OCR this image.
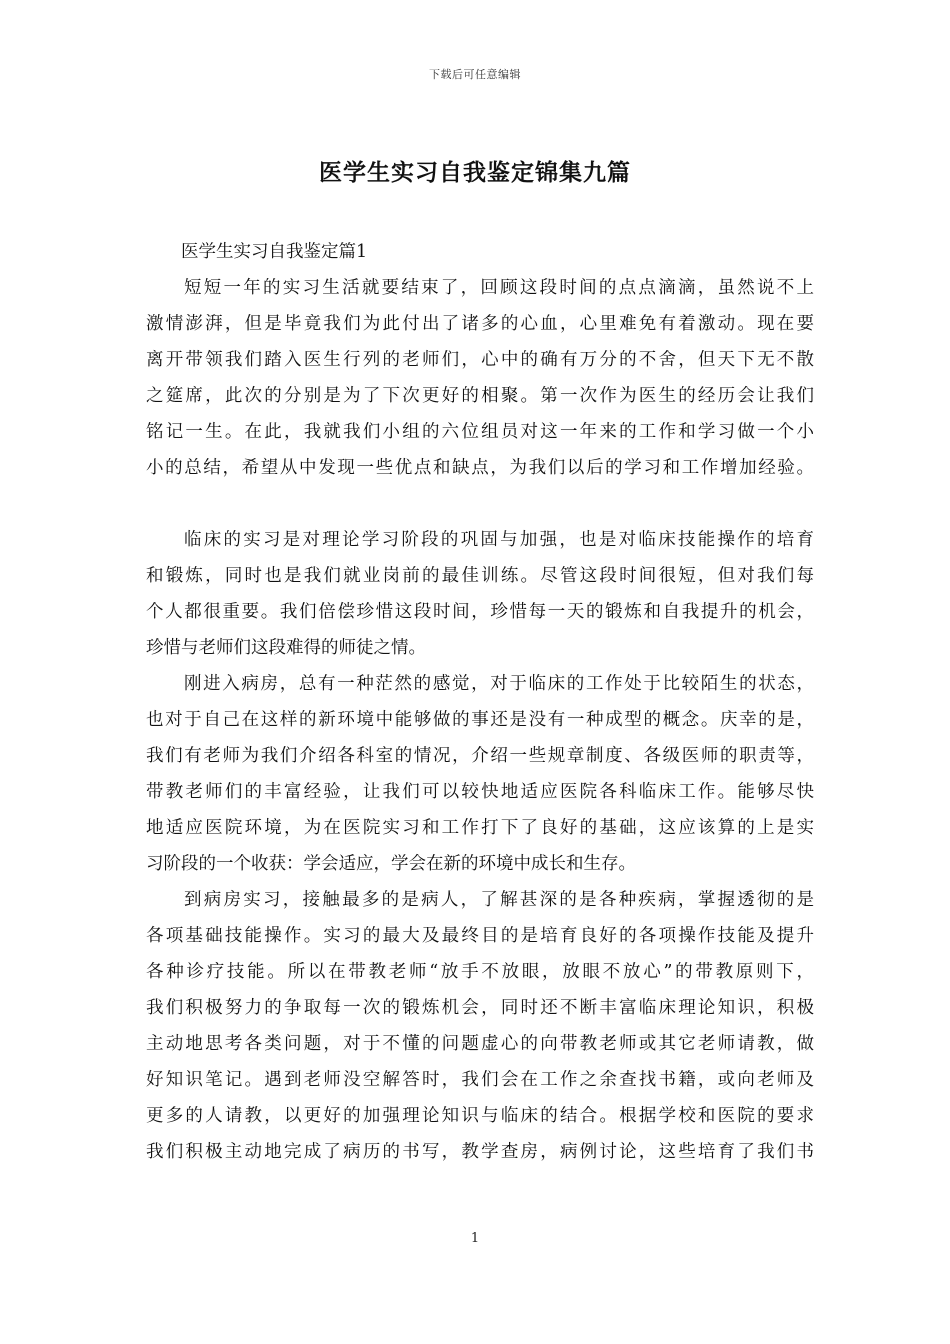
下载后可任意编辑
医学生实习自我鉴定锦集九篇

医学生实习自我鉴定篇1

短短一年的实习生活就要结束了，回顾这段时间的点点滴滴，虽然说不上

激情澎湃，但是毕竟我们为此付出了诸多的心血，心里难免有着激动。现在要

离开带领我们踏入医生行列的老师们，心中的确有万分的不舍，但天下无不散

之筵席，此次的分别是为了下次更好的相聚。第一次作为医生的经历会让我们

铭记一生。在此，我就我们小组的六位组员对这一年来的工作和学习做一个小

小的总结，希望从中发现一些优点和缺点，为我们以后的学习和工作增加经验。

临床的实习是对理论学习阶段的巩固与加强，也是对临床技能操作的培育

和锻炼，同时也是我们就业岗前的最佳训练。尽管这段时间很短，但对我们每

个人都很重要。我们倍偿珍惜这段时间，珍惜每一天的锻炼和自我提升的机会，

珍惜与老师们这段难得的师徒之情。

刚进入病房，总有一种茫然的感觉，对于临床的工作处于比较陌生的状态，

也对于自己在这样的新环境中能够做的事还是没有一种成型的概念。庆幸的是，

我们有老师为我们介绍各科室的情况，介绍一些规章制度、各级医师的职责等，

带教老师们的丰富经验，让我们可以较快地适应医院各科临床工作。能够尽快

地适应医院环境，为在医院实习和工作打下了良好的基础，这应该算的上是实

习阶段的一个收获：学会适应，学会在新的环境中成长和生存。

到病房实习，接触最多的是病人，了解甚深的是各种疾病，掌握透彻的是

各项基础技能操作。实习的最大及最终目的是培育良好的各项操作技能及提升

各种诊疗技能。所以在带教老师“放手不放眼，放眼不放心”的带教原则下，

我们积极努力的争取每一次的锻炼机会，同时还不断丰富临床理论知识，积极

主动地思考各类问题，对于不懂的问题虚心的向带教老师或其它老师请教，做

好知识笔记。遇到老师没空解答时，我们会在工作之余查找书籍，或向老师及

更多的人请教，以更好的加强理论知识与临床的结合。根据学校和医院的要求

我们积极主动地完成了病历的书写，教学查房，病例讨论，这些培育了我们书

1
